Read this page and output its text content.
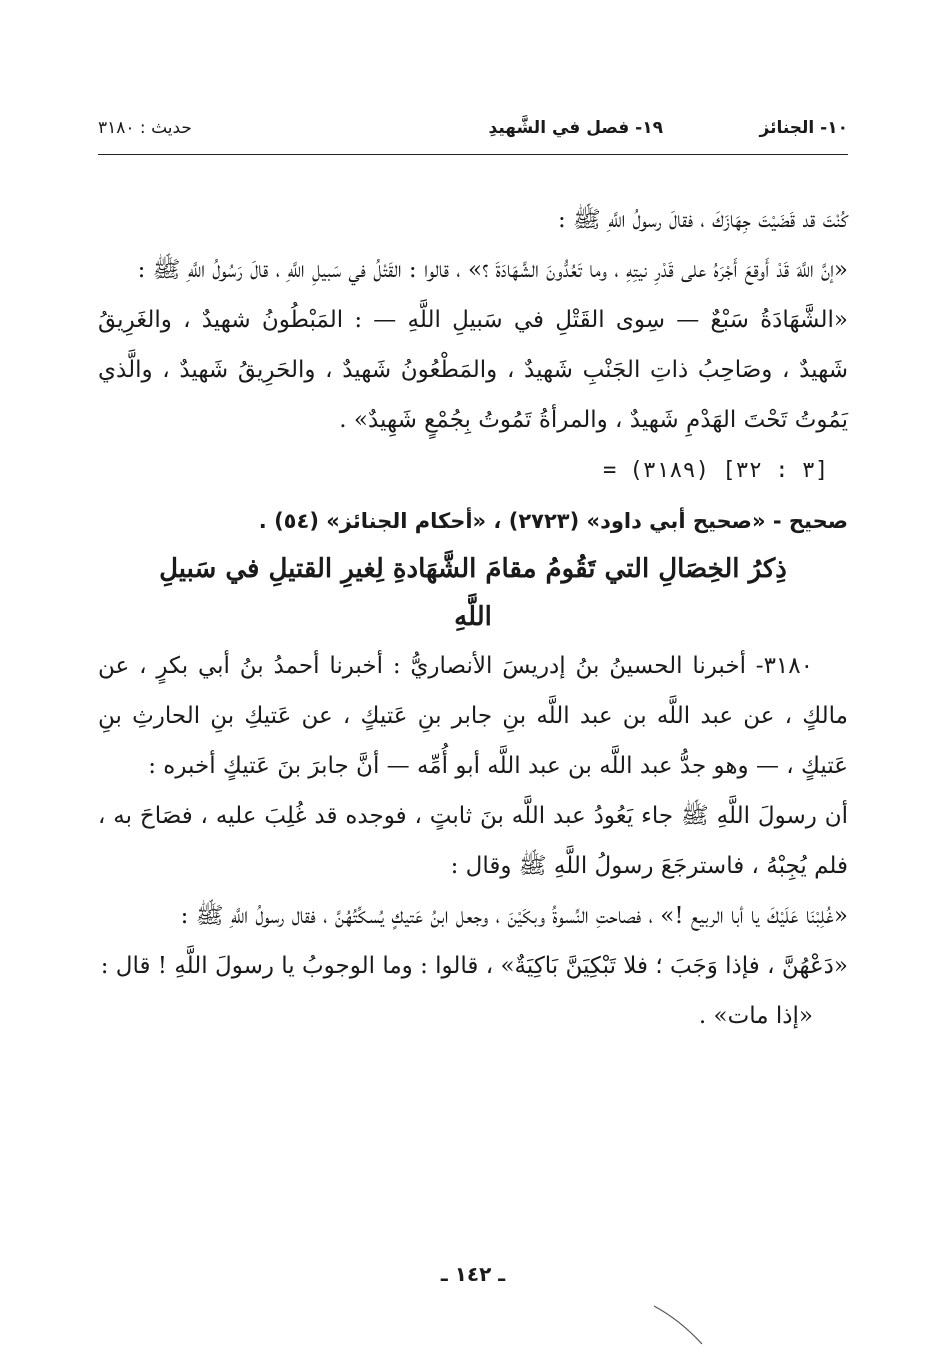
١٠- الجنائز
١٩- فصل في الشَّهيدِ
حديث : ٣١٨٠

كُنْتَ قد قَضَيْتَ جِهَازَكَ ، فقالَ رسولُ اللَّهِ ﷺ :

«إنَّ اللَّهَ قَدْ أَوقعَ أَجْرَهُ على قَدْرِ نيتِهِ ، وما تَعُدُّونَ الشَّهَادَةَ ؟» ، قالوا : القَتْلُ في سَبيلِ اللَّهِ ، قالَ رَسُولُ اللَّهِ ﷺ :

«الشَّهَادَةُ سَبْعٌ — سِوى القَتْلِ في سَبيلِ اللَّهِ — : المَبْطُونُ شهيدٌ ، والغَرِيقُ شَهيدٌ ، وصَاحِبُ ذاتِ الجَنْبِ شَهيدٌ ، والمَطْعُونُ شَهيدٌ ، والحَرِيقُ شَهيدٌ ، والَّذي يَمُوتُ تَحْتَ الهَدْمِ شَهيدٌ ، والمرأةُ تَمُوتُ بِجُمْعٍ شَهِيدٌ» .

= (٣١٨٩) [٣ : ٣٢]

صحيح - «صحيح أبي داود» (٢٧٢٣) ، «أحكام الجنائز» (٥٤) .

ذِكرُ الخِصَالِ التي تَقُومُ مقامَ الشَّهَادةِ لِغيرِ القتيلِ في سَبيلِ اللَّهِ

٣١٨٠- أخبرنا الحسينُ بنُ إدريسَ الأنصاريُّ : أخبرنا أحمدُ بنُ أبي بكرٍ ، عن مالكٍ ، عن عبد اللَّه بن عبد اللَّه بنِ جابر بنِ عَتيكٍ ، عن عَتيكِ بنِ الحارثِ بنِ عَتيكٍ ، — وهو جدُّ عبد اللَّه بن عبد اللَّه أبو أُمِّه — أنَّ جابرَ بنَ عَتيكٍ أخبره :

أن رسولَ اللَّهِ ﷺ جاء يَعُودُ عبد اللَّه بنَ ثابتٍ ، فوجده قد غُلِبَ عليه ، فصَاحَ به ، فلم يُجِبْهُ ، فاسترجَعَ رسولُ اللَّهِ ﷺ وقال :

«غُلِبْنَا عَلَيْكَ يا أبا الربيع !» ، فصاحتِ النِّسوةُ وبكَيْنَ ، وجعل ابنُ عَتيكٍ يُسكِّتُهُنَّ ، فقال رسولُ اللَّهِ ﷺ :

«دَعْهُنَّ ، فإذا وَجَبَ ؛ فلا تَبْكِيَنَّ بَاكِيَةٌ» ، قالوا : وما الوجوبُ يا رسولَ اللَّهِ ! قال :

«إذا مات» .

ـ ١٤٢ ـ
